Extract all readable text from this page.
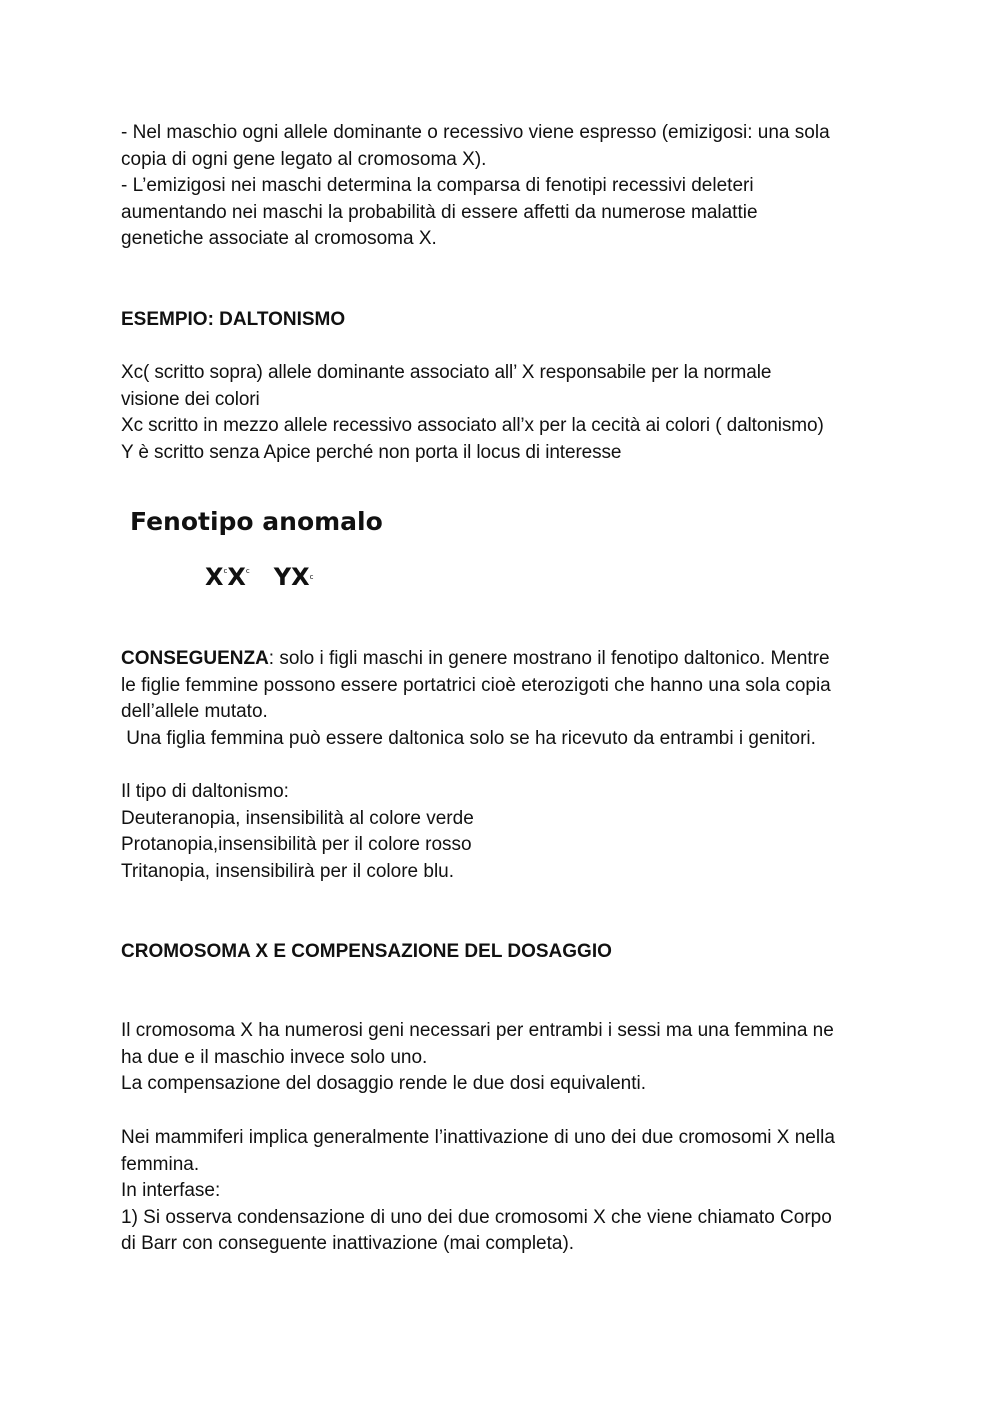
- Nel maschio ogni allele dominante o recessivo viene espresso (emizigosi: una sola

copia di ogni gene legato al cromosoma X).

- L’emizigosi nei maschi determina la comparsa di fenotipi recessivi deleteri

aumentando nei maschi la probabilità di essere affetti da numerose malattie

genetiche associate al cromosoma X.

ESEMPIO: DALTONISMO

Xc( scritto sopra) allele dominante associato all’ X responsabile per la normale

visione dei colori

Xc scritto in mezzo allele recessivo associato all’x per la cecità ai colori ( daltonismo)

Y è scritto senza Apice perché non porta il locus di interesse

Fenotipo anomalo
$X^cX^c$ $YX^c$

CONSEGUENZA: solo i figli maschi in genere mostrano il fenotipo daltonico. Mentre

le figlie femmine possono essere portatrici cioè eterozigoti che hanno una sola copia

dell’allele mutato.

Una figlia femmina può essere daltonica solo se ha ricevuto da entrambi i genitori.

Il tipo di daltonismo:

Deuteranopia, insensibilità al colore verde

Protanopia,insensibilità per il colore rosso

Tritanopia, insensibilirà per il colore blu.

CROMOSOMA X E COMPENSAZIONE DEL DOSAGGIO

Il cromosoma X ha numerosi geni necessari per entrambi i sessi ma una femmina ne

ha due e il maschio invece solo uno.

La compensazione del dosaggio rende le due dosi equivalenti.

Nei mammiferi implica generalmente l’inattivazione di uno dei due cromosomi X nella

femmina.

In interfase:

1) Si osserva condensazione di uno dei due cromosomi X che viene chiamato Corpo

di Barr con conseguente inattivazione (mai completa).
